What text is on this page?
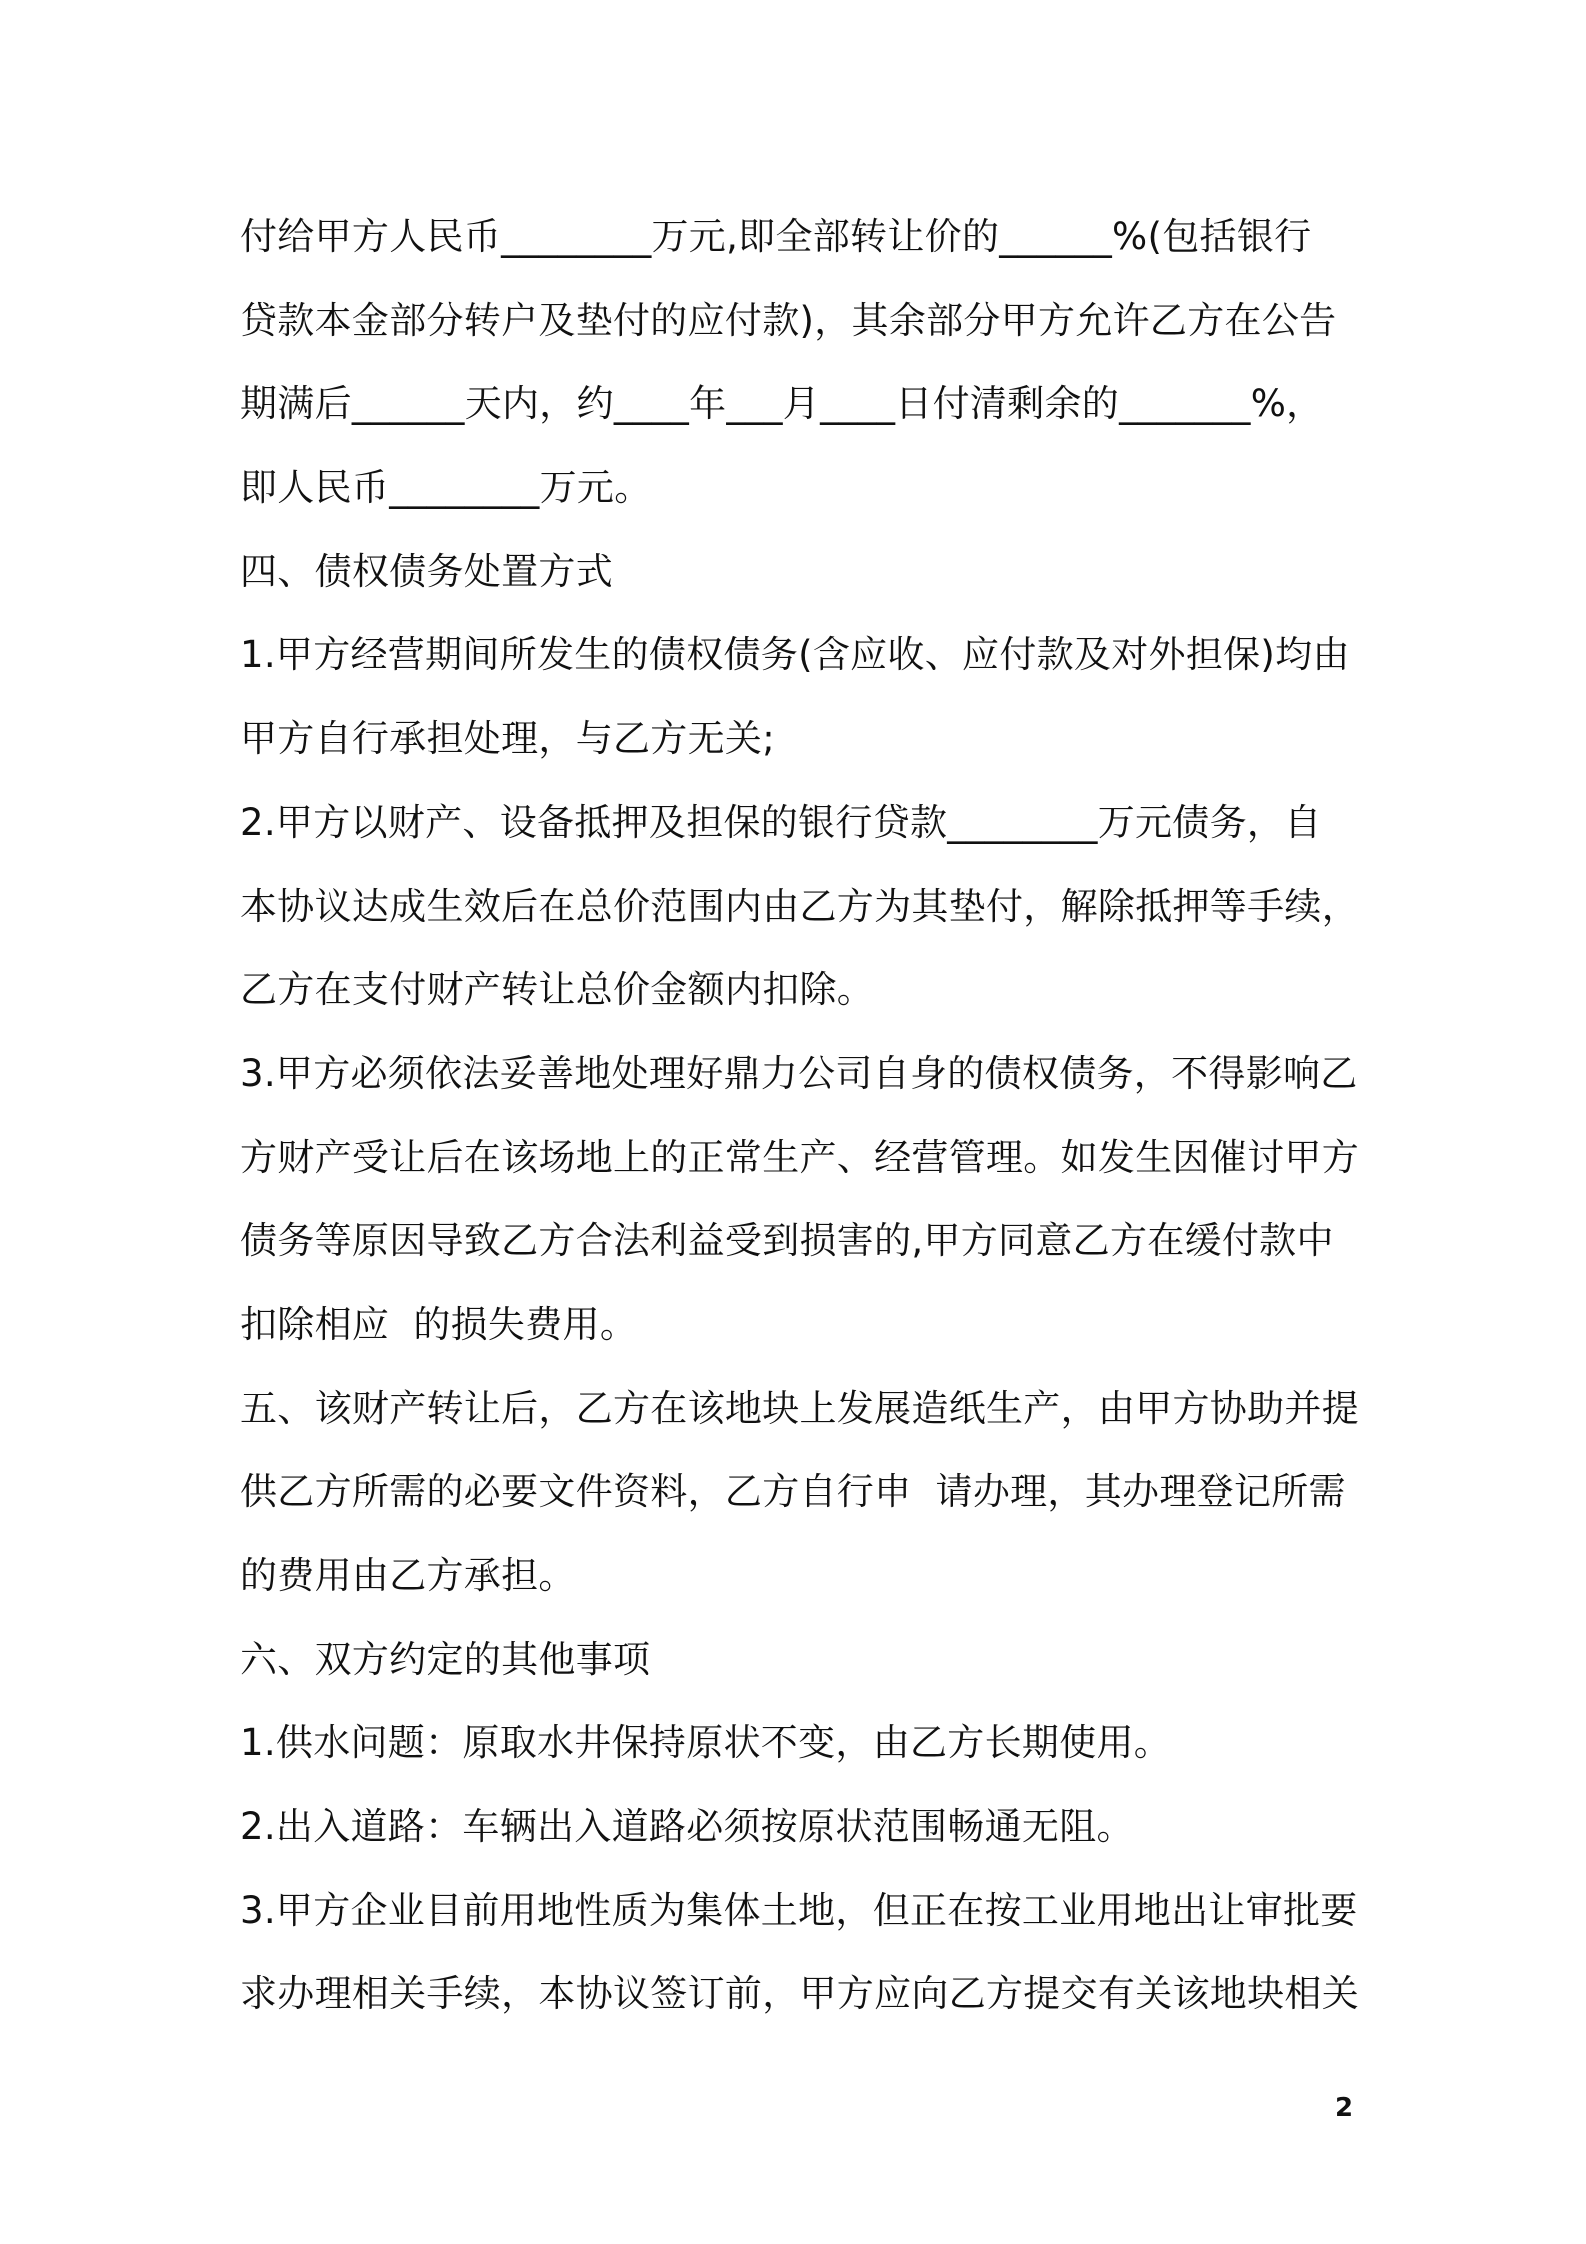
付给甲方人民币________万元,即全部转让价的______%(包括银行
贷款本金部分转户及垫付的应付款)，其余部分甲方允许乙方在公告
期满后______天内，约____年___月____日付清剩余的_______%，
即人民币________万元。
四、债权债务处置方式
1.甲方经营期间所发生的债权债务(含应收、应付款及对外担保)均由
甲方自行承担处理，与乙方无关;
2.甲方以财产、设备抵押及担保的银行贷款________万元债务，自
本协议达成生效后在总价范围内由乙方为其垫付，解除抵押等手续，
乙方在支付财产转让总价金额内扣除。
3.甲方必须依法妥善地处理好鼎力公司自身的债权债务，不得影响乙
方财产受让后在该场地上的正常生产、经营管理。如发生因催讨甲方
债务等原因导致乙方合法利益受到损害的,甲方同意乙方在缓付款中
扣除相应  的损失费用。
五、该财产转让后，乙方在该地块上发展造纸生产，由甲方协助并提
供乙方所需的必要文件资料，乙方自行申  请办理，其办理登记所需
的费用由乙方承担。
六、双方约定的其他事项
1.供水问题：原取水井保持原状不变，由乙方长期使用。
2.出入道路：车辆出入道路必须按原状范围畅通无阻。
3.甲方企业目前用地性质为集体土地，但正在按工业用地出让审批要
求办理相关手续，本协议签订前，甲方应向乙方提交有关该地块相关
2
